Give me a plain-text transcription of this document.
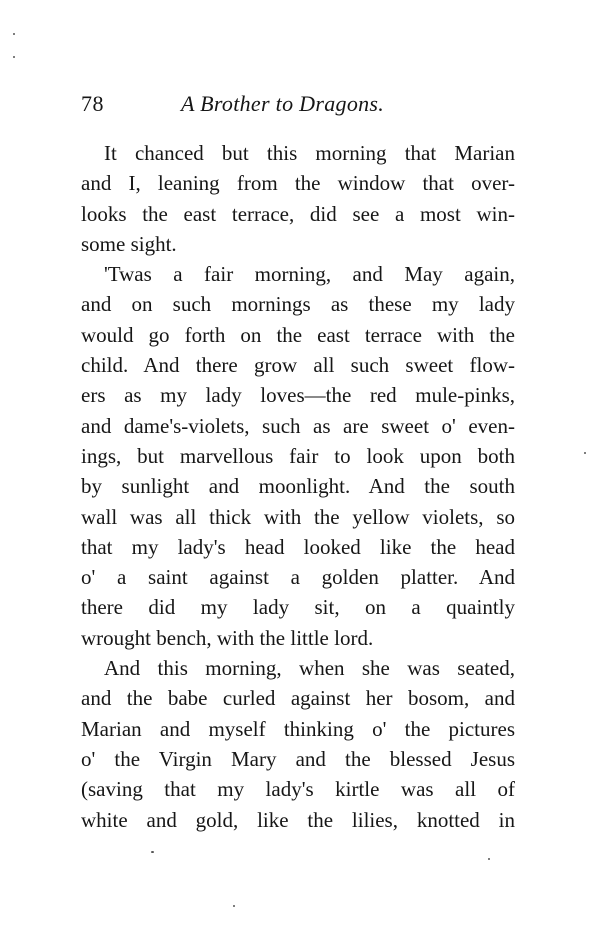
78	A Brother to Dragons.
It chanced but this morning that Marian
and I, leaning from the window that over-
looks the east terrace, did see a most win-
some sight.
'Twas a fair morning, and May again,
and on such mornings as these my lady
would go forth on the east terrace with the
child. And there grow all such sweet flow-
ers as my lady loves—the red mule-pinks,
and dame's-violets, such as are sweet o' even-
ings, but marvellous fair to look upon both
by sunlight and moonlight. And the south
wall was all thick with the yellow violets, so
that my lady's head looked like the head
o' a saint against a golden platter. And
there did my lady sit, on a quaintly
wrought bench, with the little lord.
And this morning, when she was seated,
and the babe curled against her bosom, and
Marian and myself thinking o' the pictures
o' the Virgin Mary and the blessed Jesus
(saving that my lady's kirtle was all of
white and gold, like the lilies, knotted in
